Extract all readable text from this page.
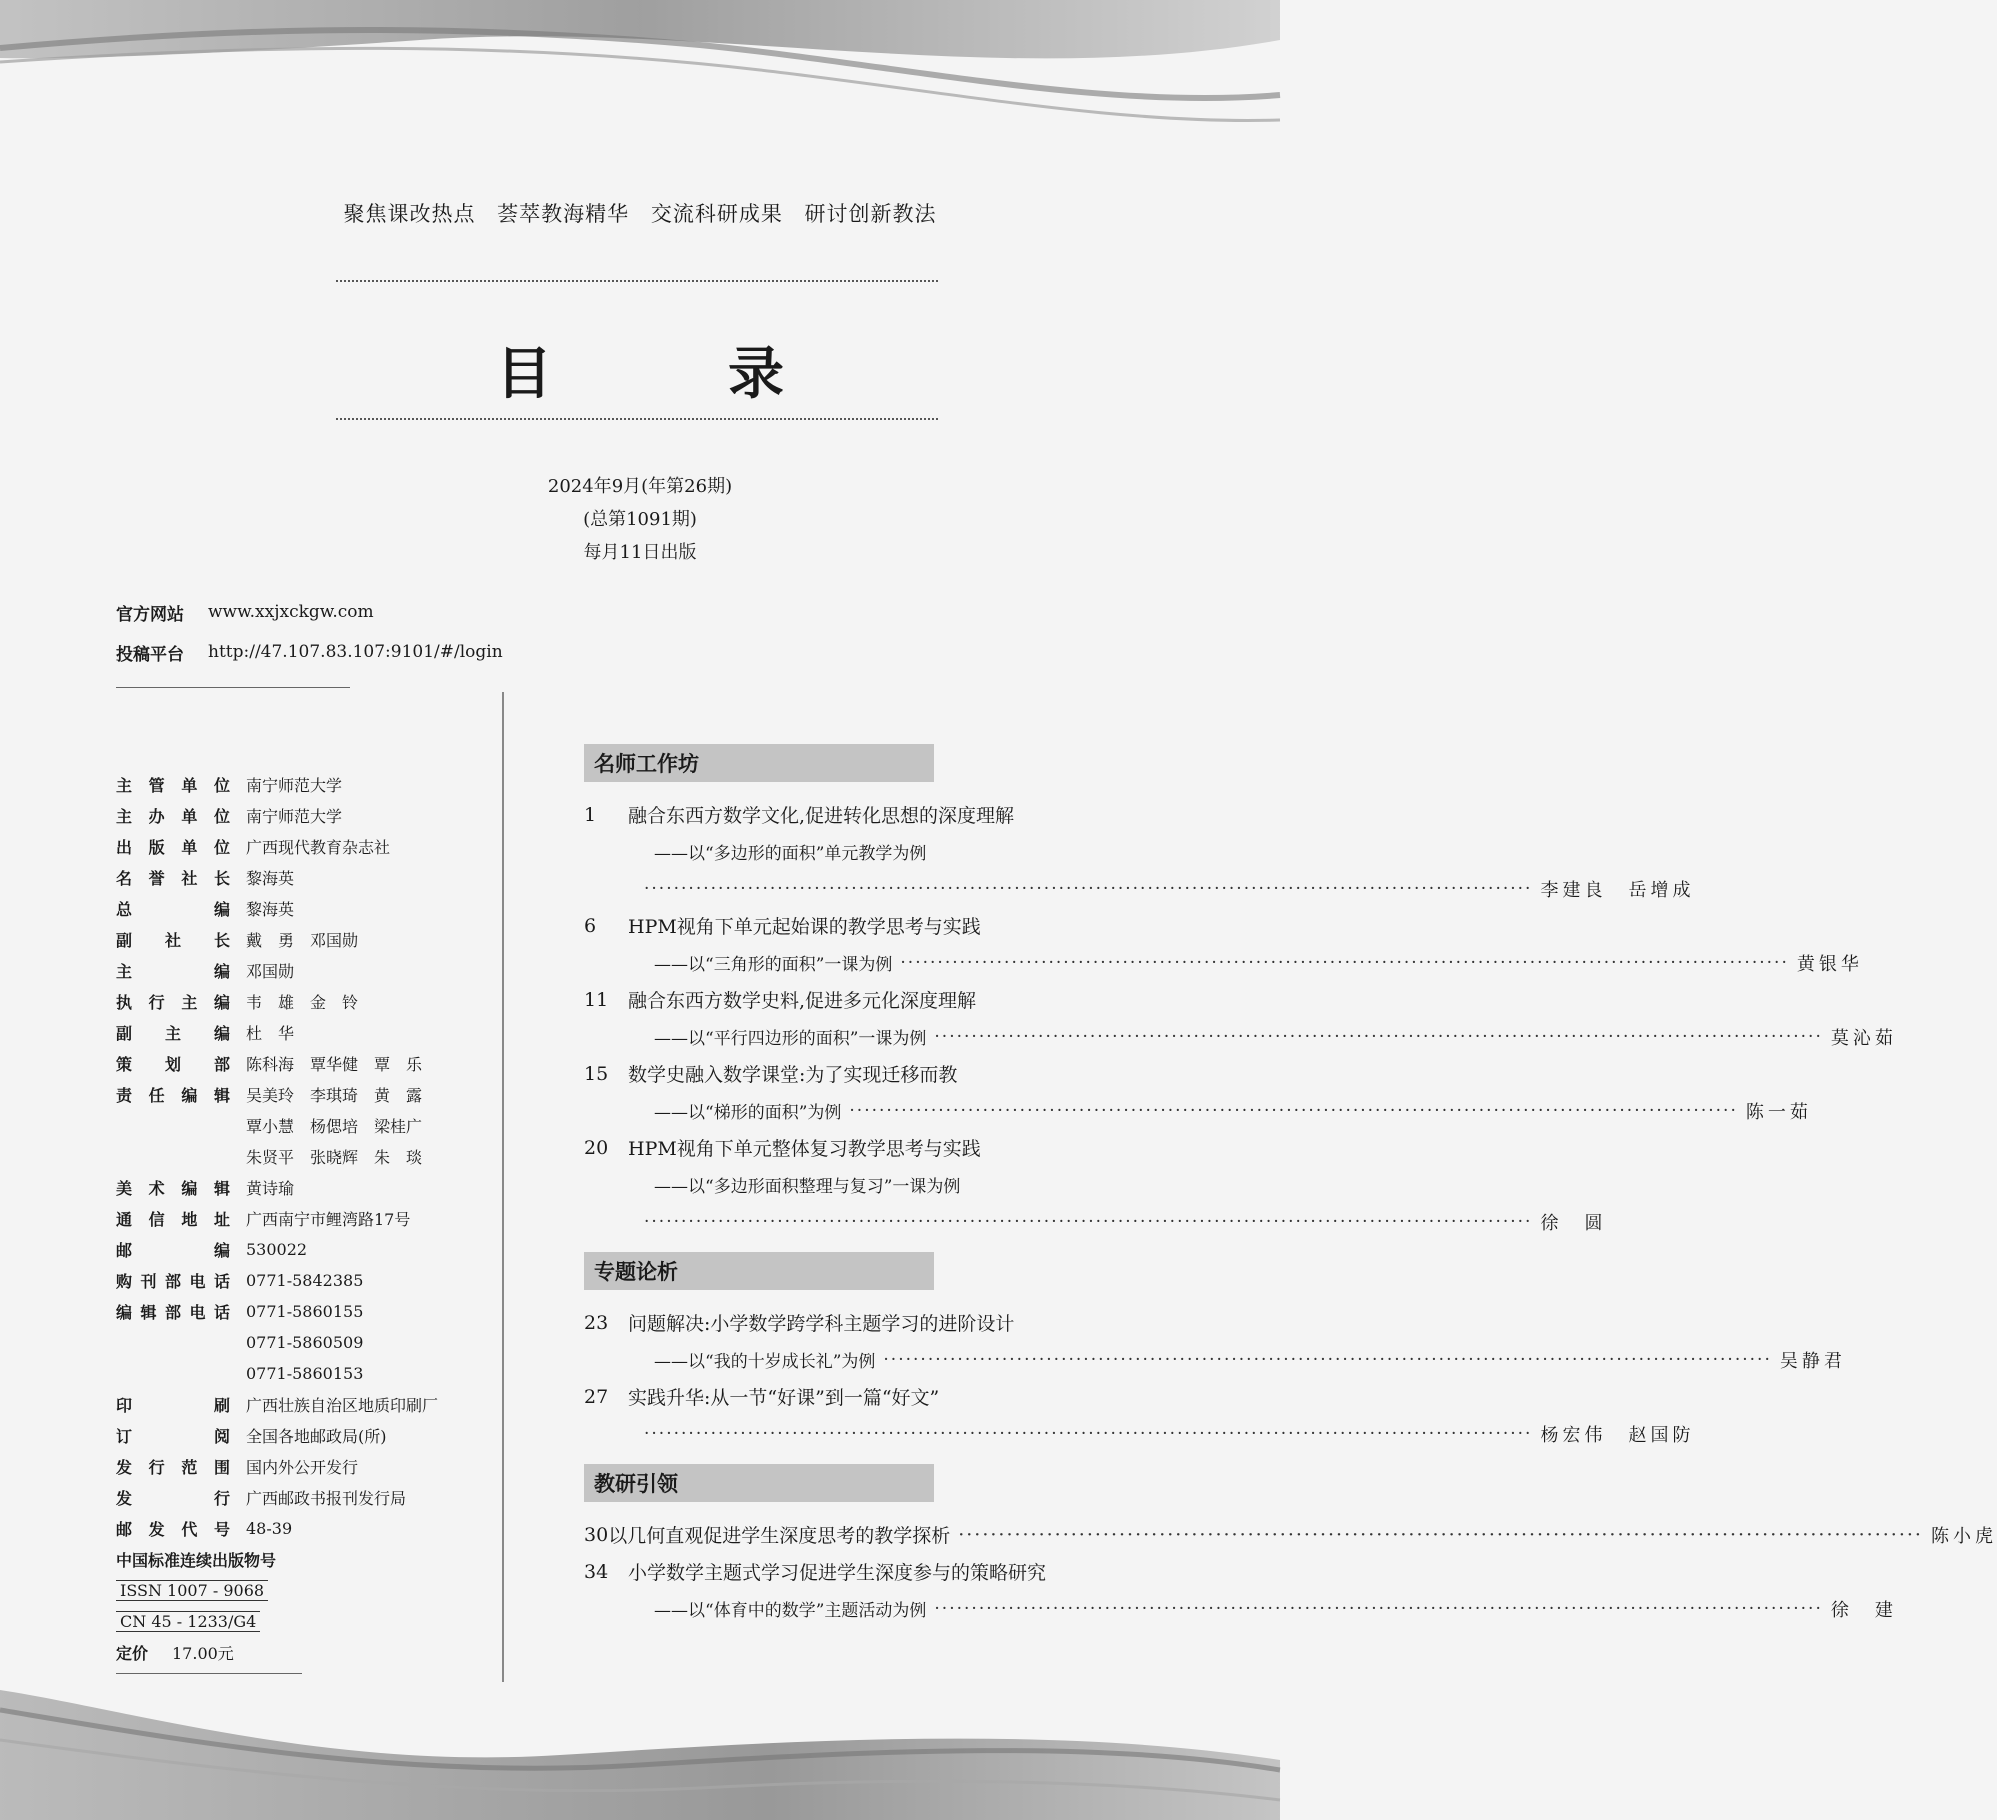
聚焦课改热点 荟萃教海精华 交流科研成果 研讨创新教法
目　录
2024年9月(年第26期)
(总第1091期)
每月11日出版
官方网站	www.xxjxckgw.com
投稿平台	http://47.107.83.107:9101/#/login
主 管 单 位 南宁师范大学
主 办 单 位 南宁师范大学
出 版 单 位 广西现代教育杂志社
名 誉 社 长 黎海英
总	编 黎海英
副 社 长 戴　勇　邓国勋
主	编 邓国勋
执 行 主 编 韦　雄　金　铃
副 主 编 杜　华
策 划 部 陈科海　覃华健　覃　乐
责 任 编 辑 吴美玲　李琪琦　黄　露
覃小慧　杨偲培　梁桂广
朱贤平　张晓辉　朱　琰
美 术 编 辑 黄诗瑜
通 信 地 址 广西南宁市鲤湾路17号
邮	编 530022
购 刊 部 电 话 0771-5842385
编 辑 部 电 话 0771-5860155
0771-5860509
0771-5860153
印	刷 广西壮族自治区地质印刷厂
订	阅 全国各地邮政局(所)
发 行 范 围 国内外公开发行
发	行 广西邮政书报刊发行局
邮 发 代 号 48-39
中国标准连续出版物号
ISSN 1007 - 9068
CN 45 - 1233/G4
定价	17.00元
名师工作坊
1	融合东西方数学文化,促进转化思想的深度理解
——以“多边形的面积”单元教学为例
························································································································ 李建良　岳增成
6	HPM视角下单元起始课的教学思考与实践
——以“三角形的面积”一课为例 ························································································································ 黄银华
11	融合东西方数学史料,促进多元化深度理解
——以“平行四边形的面积”一课为例 ························································································································ 莫沁茹
15	数学史融入数学课堂:为了实现迁移而教
——以“梯形的面积”为例 ························································································································ 陈一茹
20	HPM视角下单元整体复习教学思考与实践
——以“多边形面积整理与复习”一课为例
························································································································ 徐　圆
专题论析
23	问题解决:小学数学跨学科主题学习的进阶设计
——以“我的十岁成长礼”为例 ························································································································ 吴静君
27	实践升华:从一节“好课”到一篇“好文”
························································································································ 杨宏伟　赵国防
教研引领
30 以几何直观促进学生深度思考的教学探析 ························································································································ 陈小虎
34	小学数学主题式学习促进学生深度参与的策略研究
——以“体育中的数学”主题活动为例 ························································································································ 徐　建
